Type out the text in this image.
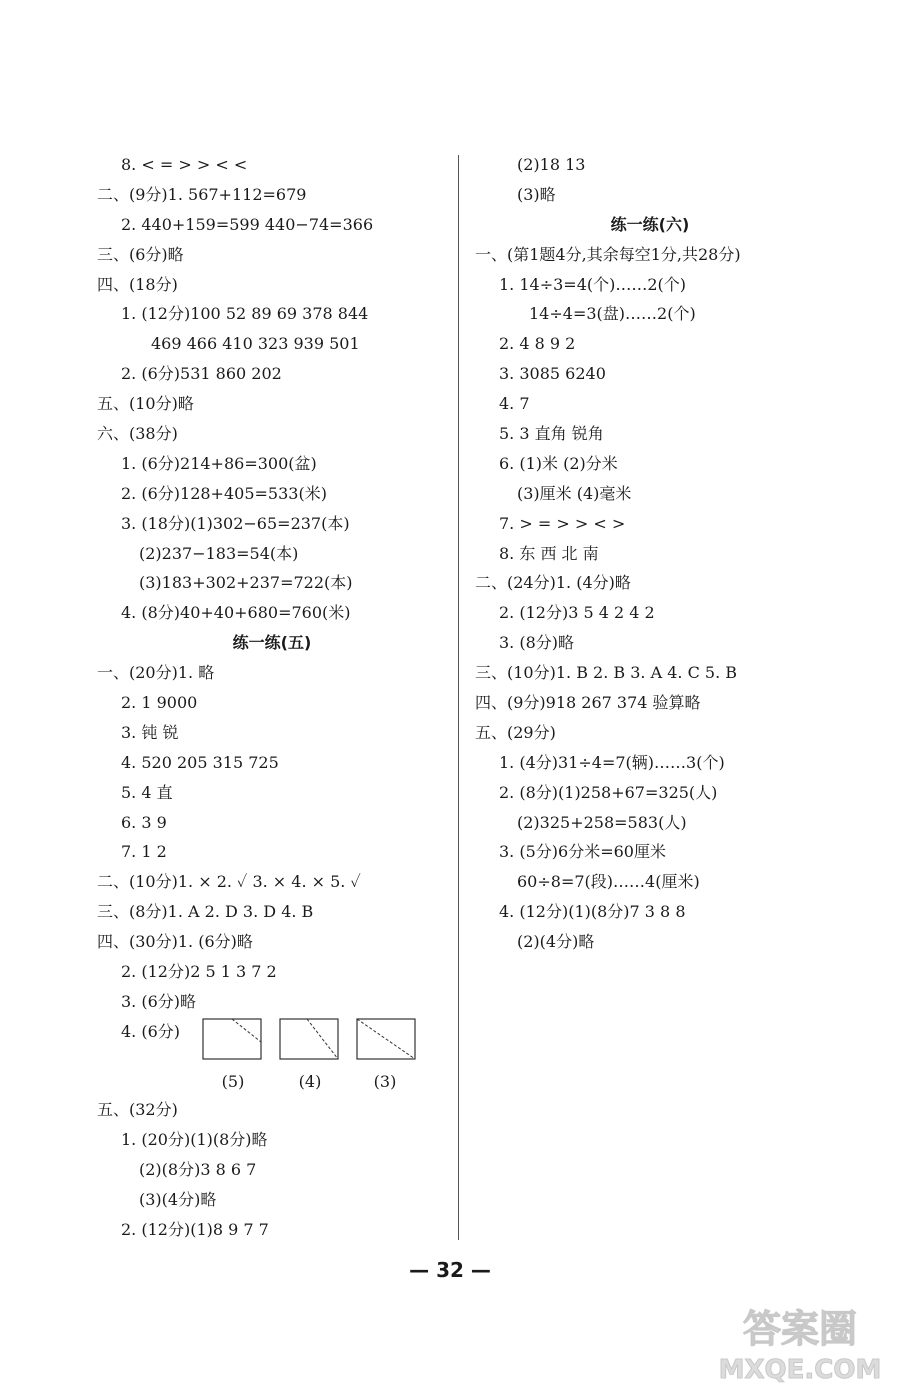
8. < = > > < <
二、(9分)1. 567+112=679
2. 440+159=599 440−74=366
三、(6分)略
四、(18分)
1. (12分)100 52 89 69 378 844
469 466 410 323 939 501
2. (6分)531 860 202
五、(10分)略
六、(38分)
1. (6分)214+86=300(盆)
2. (6分)128+405=533(米)
3. (18分)(1)302−65=237(本)
(2)237−183=54(本)
(3)183+302+237=722(本)
4. (8分)40+40+680=760(米)
练一练(五)
一、(20分)1. 略
2. 1 9000
3. 钝 锐
4. 520 205 315 725
5. 4 直
6. 3 9
7. 1 2
二、(10分)1. × 2. ✓ 3. × 4. × 5. ✓
三、(8分)1. A 2. D 3. D 4. B
四、(30分)1. (6分)略
2. (12分)2 5 1 3 7 2
3. (6分)略
4. (6分)
五、(32分)
1. (20分)(1)(8分)略
(2)(8分)3 8 6 7
(3)(4分)略
2. (12分)(1)8 9 7 7
(2)18 13
(3)略
练一练(六)
一、(第1题4分,其余每空1分,共28分)
1. 14÷3=4(个)……2(个)
14÷4=3(盘)……2(个)
2. 4 8 9 2
3. 3085 6240
4. 7
5. 3 直角 锐角
6. (1)米 (2)分米
(3)厘米 (4)毫米
7. > = > > < >
8. 东 西 北 南
二、(24分)1. (4分)略
2. (12分)3 5 4 2 4 2
3. (8分)略
三、(10分)1. B 2. B 3. A 4. C 5. B
四、(9分)918 267 374 验算略
五、(29分)
1. (4分)31÷4=7(辆)……3(个)
2. (8分)(1)258+67=325(人)
(2)325+258=583(人)
3. (5分)6分米=60厘米
60÷8=7(段)……4(厘米)
4. (12分)(1)(8分)7 3 8 8
(2)(4分)略
(5)	(4)	(3)
— 32 —
答案圈
MXQE.COM
